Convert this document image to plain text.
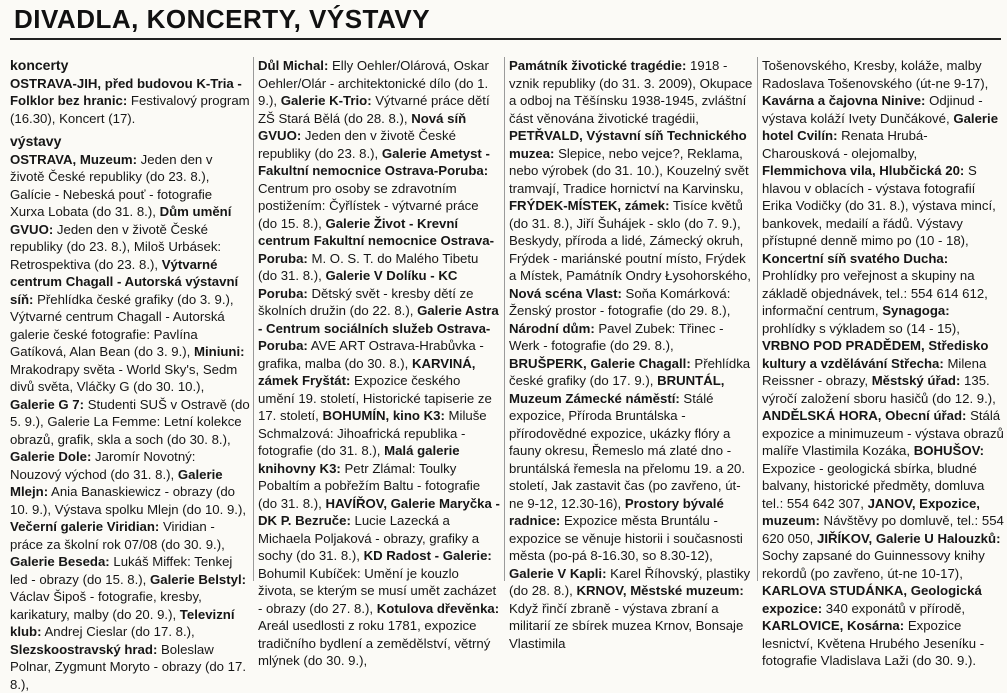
DIVADLA, KONCERTY, VÝSTAVY

koncerty

OSTRAVA-JIH, před budovou K-Tria - Folklor bez hranic: Festivalový program (16.30), Koncert (17).

výstavy

OSTRAVA, Muzeum: Jeden den v životě České republiky (do 23. 8.), Galície - Nebeská pouť - fotografie Xurxa Lobata (do 31. 8.), Dům umění GVUO: Jeden den v životě České republiky (do 23. 8.), Miloš Urbásek: Retrospektiva (do 23. 8.), Výtvarné centrum Chagall - Autorská výstavní síň: Přehlídka české grafiky (do 3. 9.), Výtvarné centrum Chagall - Autorská galerie české fotografie: Pavlína Gatíková, Alan Bean (do 3. 9.), Miniuni: Mrakodrapy světa - World Sky's, Sedm divů světa, Vláčky G (do 30. 10.), Galerie G 7: Studenti SUŠ v Ostravě (do 5. 9.), Galerie La Femme: Letní kolekce obrazů, grafik, skla a soch (do 30. 8.), Galerie Dole: Jaromír Novotný: Nouzový východ (do 31. 8.), Galerie Mlejn: Ania Banaskiewicz - obrazy (do 10. 9.), Výstava spolku Mlejn (do 10. 9.), Večerní galerie Viridian: Viridian - práce za školní rok 07/08 (do 30. 9.), Galerie Beseda: Lukáš Miffek: Tenkej led - obrazy (do 15. 8.), Galerie Belstyl: Václav Šipoš - fotografie, kresby, karikatury, malby (do 20. 9.), Televizní klub: Andrej Cieslar (do 17. 8.), Slezskoostravský hrad: Boleslaw Polnar, Zygmunt Moryto - obrazy (do 17. 8.),

Důl Michal: Elly Oehler/Olárová, Oskar Oehler/Olár - architektonické dílo (do 1. 9.), Galerie K-Trio: Výtvarné práce dětí ZŠ Stará Bělá (do 28. 8.), Nová síň GVUO: Jeden den v životě České republiky (do 23. 8.), Galerie Ametyst - Fakultní nemocnice Ostrava-Poruba: Centrum pro osoby se zdravotním postižením: Čyřlístek - výtvarné práce (do 15. 8.), Galerie Život - Krevní centrum Fakultní nemocnice Ostrava-Poruba: M. O. S. T. do Malého Tibetu (do 31. 8.), Galerie V Dolíku - KC Poruba: Dětský svět - kresby dětí ze školních družin (do 22. 8.), Galerie Astra - Centrum sociálních služeb Ostrava-Poruba: AVE ART Ostrava-Hrabůvka - grafika, malba (do 30. 8.), KARVINÁ, zámek Fryštát: Expozice českého umění 19. století, Historické tapiserie ze 17. století, BOHUMÍN, kino K3: Miluše Schmalzová: Jihoafrická republika - fotografie (do 31. 8.), Malá galerie knihovny K3: Petr Zlámal: Toulky Pobaltím a pobřežím Baltu - fotografie (do 31. 8.), HAVÍŘOV, Galerie Maryčka - DK P. Bezruče: Lucie Lazecká a Michaela Poljaková - obrazy, grafiky a sochy (do 31. 8.), KD Radost - Galerie: Bohumil Kubíček: Umění je kouzlo života, se kterým se musí umět zacházet - obrazy (do 27. 8.), Kotulova dřevěnka: Areál usedlosti z roku 1781, expozice tradičního bydlení a zemědělství, větrný mlýnek (do 30. 9.),

Památník životické tragédie: 1918 - vznik republiky (do 31. 3. 2009), Okupace a odboj na Těšínsku 1938-1945, zvláštní část věnována životické tragédii, PETŘVALD, Výstavní síň Technického muzea: Slepice, nebo vejce?, Reklama, nebo výrobek (do 31. 10.), Kouzelný svět tramvají, Tradice hornictví na Karvinsku, FRÝDEK-MÍSTEK, zámek: Tisíce květů (do 31. 8.), Jiří Šuhájek - sklo (do 7. 9.), Beskydy, příroda a lidé, Zámecký okruh, Frýdek - mariánské poutní místo, Frýdek a Místek, Památník Ondry Łysohorského, Nová scéna Vlast: Soňa Komárková: Ženský prostor - fotografie (do 29. 8.), Národní dům: Pavel Zubek: Třinec - Werk - fotografie (do 29. 8.), BRUŠPERK, Galerie Chagall: Přehlídka české grafiky (do 17. 9.), BRUNTÁL, Muzeum Zámecké náměstí: Stálé expozice, Příroda Bruntálska - přírodovědné expozice, ukázky flóry a fauny okresu, Řemeslo má zlaté dno - bruntálská řemesla na přelomu 19. a 20. století, Jak zastavit čas (po zavřeno, út-ne 9-12, 12.30-16), Prostory bývalé radnice: Expozice města Bruntálu - expozice se věnuje historii i současnosti města (po-pá 8-16.30, so 8.30-12), Galerie V Kapli: Karel Říhovský, plastiky (do 28. 8.), KRNOV, Městské muzeum: Když řinčí zbraně - výstava zbraní a militarií ze sbírek muzea Krnov, Bonsaje Vlastimila

Tošenovského, Kresby, koláže, malby Radoslava Tošenovského (út-ne 9-17), Kavárna a čajovna Ninive: Odjinud - výstava koláží Ivety Dunčákové, Galerie hotel Cvilín: Renata Hrubá-Charousková - olejomalby, Flemmichova vila, Hlubčická 20: S hlavou v oblacích - výstava fotografií Erika Vodičky (do 31. 8.), výstava mincí, bankovek, medailí a řádů. Výstavy přístupné denně mimo po (10 - 18), Koncertní síň svatého Ducha: Prohlídky pro veřejnost a skupiny na základě objednávek, tel.: 554 614 612, informační centrum, Synagoga: prohlídky s výkladem so (14 - 15), VRBNO POD PRADĚDEM, Středisko kultury a vzdělávání Střecha: Milena Reissner - obrazy, Městský úřad: 135. výročí založení sboru hasičů (do 12. 9.), ANDĚLSKÁ HORA, Obecní úřad: Stálá expozice a minimuzeum - výstava obrazů malíře Vlastimila Kozáka, BOHUŠOV: Expozice - geologická sbírka, bludné balvany, historické předměty, domluva tel.: 554 642 307, JANOV, Expozice, muzeum: Návštěvy po domluvě, tel.: 554 620 050, JIŘÍKOV, Galerie U Halouzků: Sochy zapsané do Guinnessovy knihy rekordů (po zavřeno, út-ne 10-17), KARLOVA STUDÁNKA, Geologická expozice: 340 exponátů v přírodě, KARLOVICE, Kosárna: Expozice lesnictví, Květena Hrubého Jeseníku - fotografie Vladislava Laži (do 30. 9.).
